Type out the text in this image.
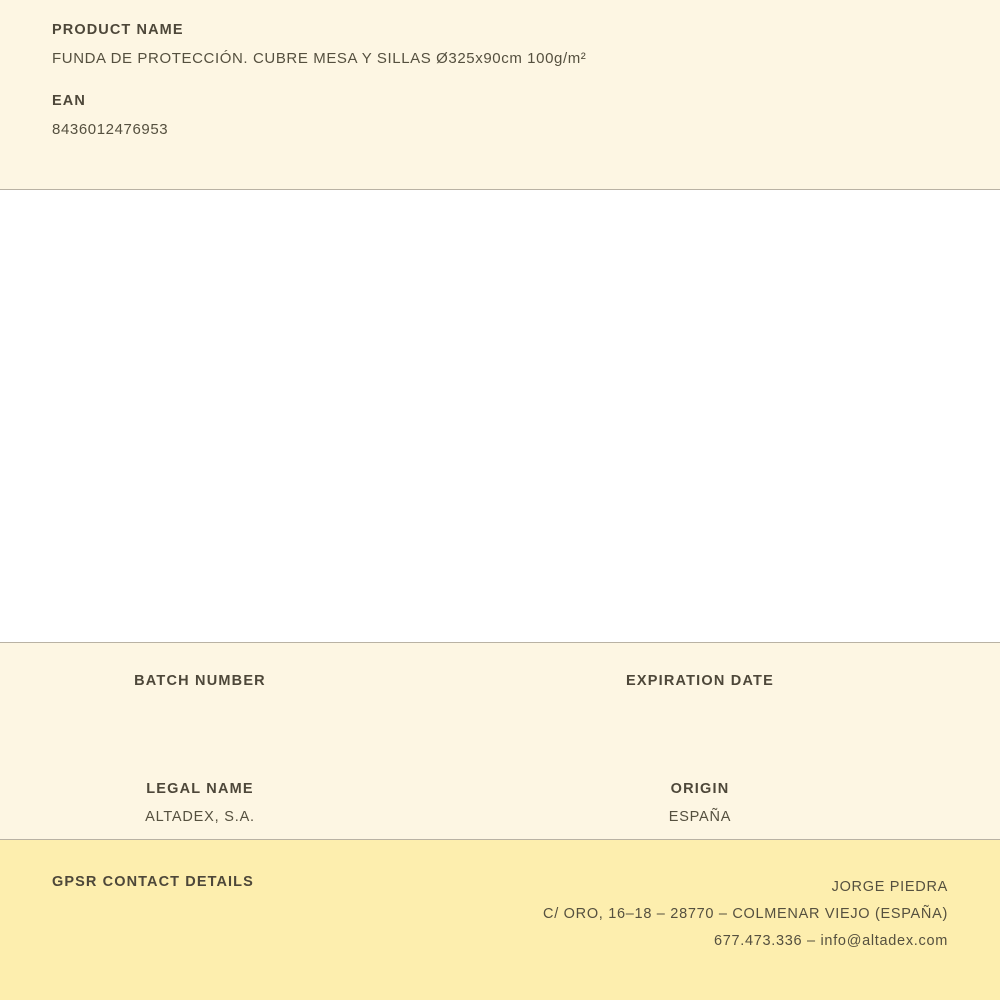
PRODUCT NAME
FUNDA DE PROTECCIÓN. CUBRE MESA Y SILLAS Ø325x90cm 100g/m²
EAN
8436012476953
BATCH NUMBER	EXPIRATION DATE
LEGAL NAME
ALTADEX, S.A.
ORIGIN
ESPAÑA
GPSR CONTACT DETAILS	JORGE PIEDRA
C/ ORO, 16–18 – 28770 – COLMENAR VIEJO (ESPAÑA)
677.473.336 – info@altadex.com
